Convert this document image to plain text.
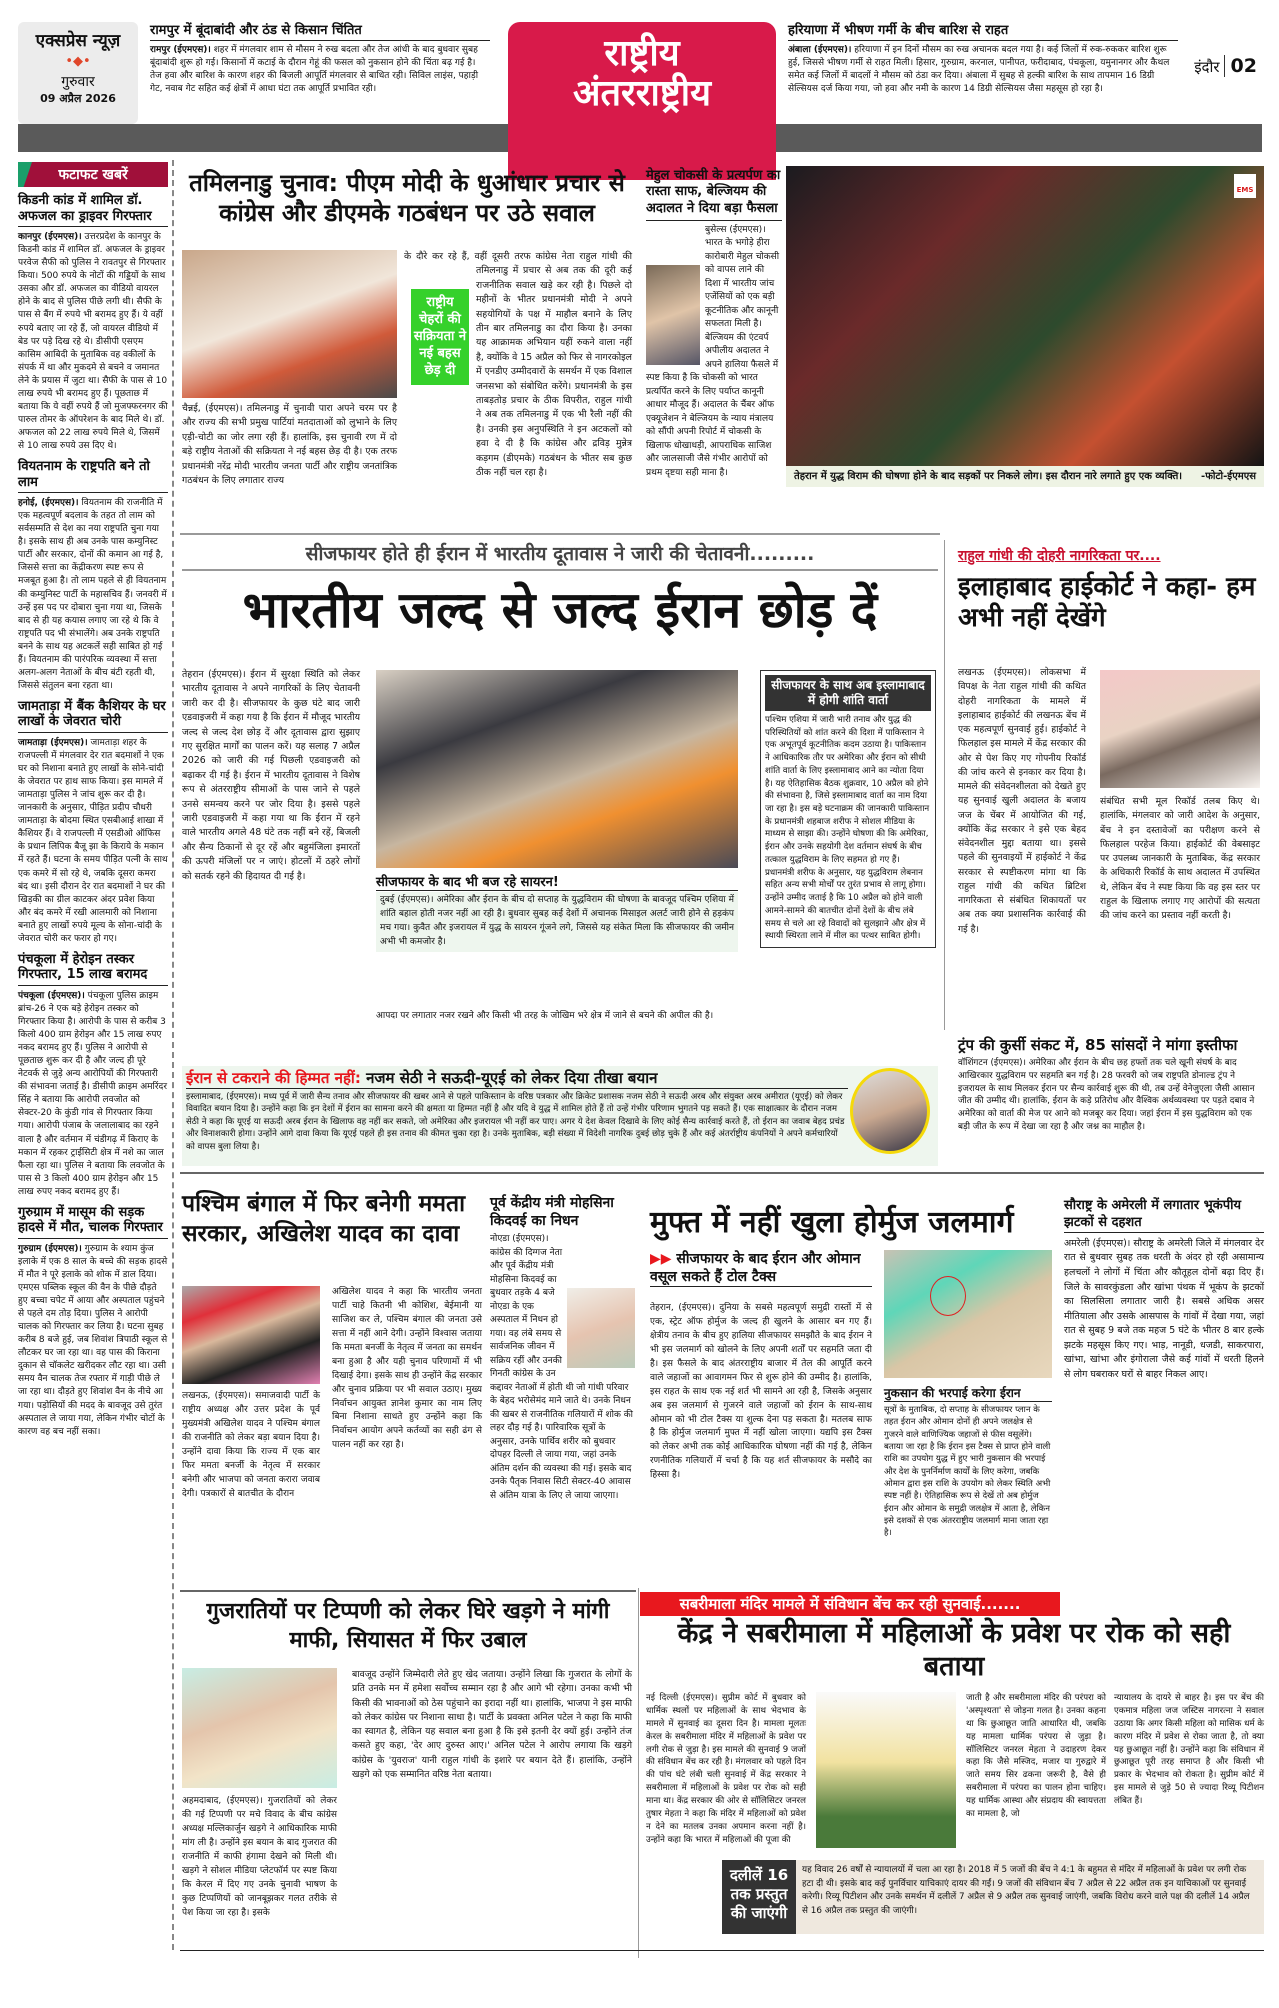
एक्सप्रेस न्यूज़
•◆•
गुरुवार
09 अप्रैल 2026
रामपुर में बूंदाबांदी और ठंड से किसान चिंतित

रामपुर (ईएमएस)। शहर में मंगलवार शाम से मौसम ने रुख बदला और तेज आंधी के बाद बुधवार सुबह बूंदाबांदी शुरू हो गई। किसानों में कटाई के दौरान गेहूं की फसल को नुकसान होने की चिंता बढ़ गई है। तेज हवा और बारिश के कारण शहर की बिजली आपूर्ति मंगलवार से बाधित रही। सिविल लाइंस, पहाड़ी गेट, नवाब गेट सहित कई क्षेत्रों में आधा घंटा तक आपूर्ति प्रभावित रही।

राष्ट्रीय
अंतरराष्ट्रीय
हरियाणा में भीषण गर्मी के बीच बारिश से राहत

अंबाला (ईएमएस)। हरियाणा में इन दिनों मौसम का रुख अचानक बदल गया है। कई जिलों में रुक-रुककर बारिश शुरू हुई, जिससे भीषण गर्मी से राहत मिली। हिसार, गुरुग्राम, करनाल, पानीपत, फरीदाबाद, पंचकूला, यमुनानगर और कैथल समेत कई जिलों में बादलों ने मौसम को ठंडा कर दिया। अंबाला में सुबह से हल्की बारिश के साथ तापमान 16 डिग्री सेल्सियस दर्ज किया गया, जो हवा और नमी के कारण 14 डिग्री सेल्सियस जैसा महसूस हो रहा है।

इंदौर 02
फटाफट खबरें
किडनी कांड में शामिल डॉ. अफजल का ड्राइवर गिरफ्तार

कानपुर (ईएमएस)। उत्तरप्रदेश के कानपुर के किडनी कांड में शामिल डॉ. अफजल के ड्राइवर परवेज सैफी को पुलिस ने रावतपुर से गिरफ्तार किया। 500 रुपये के नोटों की गड्डियों के साथ उसका और डॉ. अफजल का वीडियो वायरल होने के बाद से पुलिस पीछे लगी थी। सैफी के पास से बैंग में रुपये भी बरामद हुए हैं। ये वहीं रुपये बताए जा रहे हैं, जो वायरल वीडियो में बेड पर पड़े दिख रहे थे। डीसीपी एसएम कासिम आबिदी के मुताबिक वह वकीलों के संपर्क में था और मुकदमे से बचने व जमानत लेने के प्रयास में जुटा था। सैफी के पास से 10 लाख रुपये भी बरामद हुए हैं। पूछताछ में बताया कि ये वहीं रुपये हैं जो मुजफ्फरनगर की पारुल तोमर के ऑपरेशन के बाद मिले थे। डॉ. अफजल को 22 लाख रुपये मिले थे, जिसमें से 10 लाख रुपये उस दिए थे।

वियतनाम के राष्ट्रपति बने तो लाम

हनोई, (ईएमएस)। वियतनाम की राजनीति में एक महत्वपूर्ण बदलाव के तहत तो लाम को सर्वसम्मति से देश का नया राष्ट्रपति चुना गया है। इसके साथ ही अब उनके पास कम्युनिस्ट पार्टी और सरकार, दोनों की कमान आ गई है, जिससे सत्ता का केंद्रीकरण स्पष्ट रूप से मजबूत हुआ है। तो लाम पहले से ही वियतनाम की कम्युनिस्ट पार्टी के महासचिव हैं। जनवरी में उन्हें इस पद पर दोबारा चुना गया था, जिसके बाद से ही यह कयास लगाए जा रहे थे कि वे राष्ट्रपति पद भी संभालेंगे। अब उनके राष्ट्रपति बनने के साथ यह अटकलें सही साबित हो गई हैं। वियतनाम की पारंपरिक व्यवस्था में सत्ता अलग-अलग नेताओं के बीच बंटी रहती थी, जिससे संतुलन बना रहता था।

जामताड़ा में बैंक कैशियर के घर लाखों के जेवरात चोरी

जामताड़ा (ईएमएस)। जामताड़ा शहर के राजपल्ली में मंगलवार देर रात बदमाशों ने एक घर को निशाना बनाते हुए लाखों के सोने-चांदी के जेवरात पर हाथ साफ किया। इस मामले में जामताड़ा पुलिस ने जांच शुरू कर दी है। जानकारी के अनुसार, पीड़ित प्रदीप चौधरी जामताड़ा के बोदमा स्थित एसबीआई शाखा में कैशियर हैं। वे राजपल्ली में एसडीओ ऑफिस के प्रधान लिपिक बैजू झा के किराये के मकान में रहते हैं। घटना के समय पीड़ित पत्नी के साथ एक कमरे में सो रहे थे, जबकि दूसरा कमरा बंद था। इसी दौरान देर रात बदमाशों ने घर की खिड़की का ग्रील काटकर अंदर प्रवेश किया और बंद कमरे में रखी आलमारी को निशाना बनाते हुए लाखों रुपये मूल्य के सोना-चांदी के जेवरात चोरी कर फरार हो गए।

पंचकूला में हेरोइन तस्कर गिरफ्तार, 15 लाख बरामद

पंचकूला (ईएमएस)। पंचकूला पुलिस क्राइम ब्रांच-26 ने एक बड़े हेरोइन तस्कर को गिरफ्तार किया है। आरोपी के पास से करीब 3 किलो 400 ग्राम हेरोइन और 15 लाख रुपए नकद बरामद हुए हैं। पुलिस ने आरोपी से पूछताछ शुरू कर दी है और जल्द ही पूरे नेटवर्क से जुड़े अन्य आरोपियों की गिरफ्तारी की संभावना जताई है। डीसीपी क्राइम अमरिंदर सिंह ने बताया कि आरोपी लवजोत को सेक्टर-20 के कुंडी गांव से गिरफ्तार किया गया। आरोपी पंजाब के जलालाबाद का रहने वाला है और वर्तमान में चंडीगढ़ में किराए के मकान में रहकर ट्राईसिटी क्षेत्र में नशे का जाल फैला रहा था। पुलिस ने बताया कि लवजोत के पास से 3 किलो 400 ग्राम हेरोइन और 15 लाख रुपए नकद बरामद हुए हैं।

गुरुग्राम में मासूम की सड़क हादसे में मौत, चालक गिरफ्तार

गुरुग्राम (ईएमएस)। गुरुग्राम के श्याम कुंज इलाके में एक 8 साल के बच्चे की सड़क हादसे में मौत ने पूरे इलाके को शोक में डाल दिया। एमएस पब्लिक स्कूल की वैन के पीछे दौड़ते हुए बच्चा चपेट में आया और अस्पताल पहुंचने से पहले दम तोड़ दिया। पुलिस ने आरोपी चालक को गिरफ्तार कर लिया है। घटना सुबह करीब 8 बजे हुई, जब शिवांश त्रिपाठी स्कूल से लौटकर घर जा रहा था। वह पास की किराना दुकान से चॉकलेट खरीदकर लौट रहा था। उसी समय वैन चालक तेज रफ्तार में गाड़ी पीछे ले जा रहा था। दौड़ते हुए शिवांश वैन के नीचे आ गया। पड़ोसियों की मदद के बावजूद उसे तुरंत अस्पताल ले जाया गया, लेकिन गंभीर चोटों के कारण वह बच नहीं सका।

तमिलनाडु चुनाव: पीएम मोदी के धुआंधार प्रचार से कांग्रेस और डीएमके गठबंधन पर उठे सवाल
चैन्नई, (ईएमएस)। तमिलनाडु में चुनावी पारा अपने चरम पर है और राज्य की सभी प्रमुख पार्टियां मतदाताओं को लुभाने के लिए एड़ी-चोटी का जोर लगा रही हैं। हालांकि, इस चुनावी रण में दो बड़े राष्ट्रीय नेताओं की सक्रियता ने नई बहस छेड़ दी है। एक तरफ प्रधानमंत्री नरेंद्र मोदी भारतीय जनता पार्टी और राष्ट्रीय जनतांत्रिक गठबंधन के लिए लगातार राज्य
राष्ट्रीय चेहरों की सक्रियता ने नई बहस छेड़ दी
के दौरे कर रहे हैं, वहीं दूसरी तरफ कांग्रेस नेता राहुल गांधी की तमिलनाडु में प्रचार से अब तक की दूरी कई राजनीतिक सवाल खड़े कर रही है। पिछले दो महीनों के भीतर प्रधानमंत्री मोदी ने अपने सहयोगियों के पक्ष में माहौल बनाने के लिए तीन बार तमिलनाडु का दौरा किया है। उनका यह आक्रामक अभियान यहीं रुकने वाला नहीं है, क्योंकि वे 15 अप्रैल को फिर से नागरकोइल में एनडीए उम्मीदवारों के समर्थन में एक विशाल जनसभा को संबोधित करेंगे। प्रधानमंत्री के इस ताबड़तोड़ प्रचार के ठीक विपरीत, राहुल गांधी ने अब तक तमिलनाडु में एक भी रैली नहीं की है। उनकी इस अनुपस्थिति ने इन अटकलों को हवा दे दी है कि कांग्रेस और द्रविड़ मुन्नेत्र कड़गम (डीएमके) गठबंधन के भीतर सब कुछ ठीक नहीं चल रहा है।
मेहुल चोकसी के प्रत्यर्पण का रास्ता साफ, बेल्जियम की अदालत ने दिया बड़ा फैसला
बुसेल्स (ईएमएस)। भारत के भगोड़े हीरा कारोबारी मेहुल चोकसी को वापस लाने की दिशा में भारतीय जांच एजेंसियों को एक बड़ी कूटनीतिक और कानूनी सफलता मिली है। बेल्जियम की एंटवर्प अपीलीय अदालत ने अपने हालिया फैसले में स्पष्ट किया है कि चोकसी को भारत प्रत्यर्पित करने के लिए पर्याप्त कानूनी आधार मौजूद हैं। अदालत के चैंबर ऑफ एक्यूजेशन ने बेल्जियम के न्याय मंत्रालय को सौंपी अपनी रिपोर्ट में चोकसी के खिलाफ धोखाधड़ी, आपराधिक साजिश और जालसाजी जैसे गंभीर आरोपों को प्रथम दृष्टया सही माना है।
EMS
तेहरान में युद्ध विराम की घोषणा होने के बाद सड़कों पर निकले लोग। इस दौरान नारे लगाते हुए एक व्यक्ति। -फोटो-ईएमएस
सीजफायर होते ही ईरान में भारतीय दूतावास ने जारी की चेतावनी.........
भारतीय जल्द से जल्द ईरान छोड़ दें
तेहरान (ईएमएस)। ईरान में सुरक्षा स्थिति को लेकर भारतीय दूतावास ने अपने नागरिकों के लिए चेतावनी जारी कर दी है। सीजफायर के कुछ घंटे बाद जारी एडवाइजरी में कहा गया है कि ईरान में मौजूद भारतीय जल्द से जल्द देश छोड़ दें और दूतावास द्वारा सुझाए गए सुरक्षित मार्गों का पालन करें। यह सलाह 7 अप्रैल 2026 को जारी की गई पिछली एडवाइजरी को बढ़ाकर दी गई है। ईरान में भारतीय दूतावास ने विशेष रूप से अंतरराष्ट्रीय सीमाओं के पास जाने से पहले उनसे समन्वय करने पर जोर दिया है। इससे पहले जारी एडवाइजरी में कहा गया था कि ईरान में रहने वाले भारतीय अगले 48 घंटे तक नहीं बने रहें, बिजली और सैन्य ठिकानों से दूर रहें और बहुमंजिला इमारतों की ऊपरी मंजिलों पर न जाएं। होटलों में ठहरे लोगों को सतर्क रहने की हिदायत दी गई है।	सीजफायर के बाद भी बज रहे सायरन!
दुबई (ईएमएस)। अमेरिका और ईरान के बीच दो सप्ताह के युद्धविराम की घोषणा के बावजूद पश्चिम एशिया में शांति बहाल होती नजर नहीं आ रही है। बुधवार सुबह कई देशों में अचानक मिसाइल अलर्ट जारी होने से हड़कंप मच गया। कुवैत और इजरायल में युद्ध के सायरन गूंजने लगे, जिससे यह संकेत मिला कि सीजफायर की जमीन अभी भी कमजोर है।
आपदा पर लगातार नजर रखने और किसी भी तरह के जोखिम भरे क्षेत्र में जाने से बचने की अपील की है।
सीजफायर के साथ अब इस्लामाबाद में होगी शांति वार्ता
पश्चिम एशिया में जारी भारी तनाव और युद्ध की परिस्थितियों को शांत करने की दिशा में पाकिस्तान ने एक अभूतपूर्व कूटनीतिक कदम उठाया है। पाकिस्तान ने आधिकारिक तौर पर अमेरिका और ईरान को सीधी शांति वार्ता के लिए इस्लामाबाद आने का न्योता दिया है। यह ऐतिहासिक बैठक शुक्रवार, 10 अप्रैल को होने की संभावना है, जिसे इस्लामाबाद वार्ता का नाम दिया जा रहा है। इस बड़े घटनाक्रम की जानकारी पाकिस्तान के प्रधानमंत्री शहबाज शरीफ ने सोशल मीडिया के माध्यम से साझा की। उन्होंने घोषणा की कि अमेरिका, ईरान और उनके सहयोगी देश वर्तमान संघर्ष के बीच तत्काल युद्धविराम के लिए सहमत हो गए हैं। प्रधानमंत्री शरीफ के अनुसार, यह युद्धविराम लेबनान सहित अन्य सभी मोर्चों पर तुरंत प्रभाव से लागू होगा। उन्होंने उम्मीद जताई है कि 10 अप्रैल को होने वाली आमने-सामने की बातचीत दोनों देशों के बीच लंबे समय से चले आ रहे विवादों को सुलझाने और क्षेत्र में स्थायी स्थिरता लाने में मील का पत्थर साबित होगी।
राहुल गांधी की दोहरी नागरिकता पर....
इलाहाबाद हाईकोर्ट ने कहा- हम अभी नहीं देखेंगे
लखनऊ (ईएमएस)। लोकसभा में विपक्ष के नेता राहुल गांधी की कथित दोहरी नागरिकता के मामले में इलाहाबाद हाईकोर्ट की लखनऊ बेंच में एक महत्वपूर्ण सुनवाई हुई। हाईकोर्ट ने फिलहाल इस मामले में केंद्र सरकार की ओर से पेश किए गए गोपनीय रिकॉर्ड की जांच करने से इनकार कर दिया है। मामले की संवेदनशीलता को देखते हुए यह सुनवाई खुली अदालत के बजाय जज के चेंबर में आयोजित की गई, क्योंकि केंद्र सरकार ने इसे एक बेहद संवेदनशील मुद्दा बताया था। इससे पहले की सुनवाइयों में हाईकोर्ट ने केंद्र सरकार से स्पष्टीकरण मांगा था कि राहुल गांधी की कथित ब्रिटिश नागरिकता से संबंधित शिकायतों पर अब तक क्या प्रशासनिक कार्रवाई की गई है।
संबंधित सभी मूल रिकॉर्ड तलब किए थे। हालांकि, मंगलवार को जारी आदेश के अनुसार, बेंच ने इन दस्तावेजों का परीक्षण करने से फिलहाल परहेज किया। हाईकोर्ट की वेबसाइट पर उपलब्ध जानकारी के मुताबिक, केंद्र सरकार के अधिकारी रिकॉर्ड के साथ अदालत में उपस्थित थे, लेकिन बेंच ने स्पष्ट किया कि वह इस स्तर पर राहुल के खिलाफ लगाए गए आरोपों की सत्यता की जांच करने का प्रस्ताव नहीं करती है।
ट्रंप की कुर्सी संकट में, 85 सांसदों ने मांगा इस्तीफा
वॉशिंगटन (ईएमएस)। अमेरिका और ईरान के बीच छह हफ्तों तक चले खूनी संघर्ष के बाद आखिरकार युद्धविराम पर सहमति बन गई है। 28 फरवरी को जब राष्ट्रपति डोनाल्ड ट्रंप ने इजरायल के साथ मिलकर ईरान पर सैन्य कार्रवाई शुरू की थी, तब उन्हें वेनेजुएला जैसी आसान जीत की उम्मीद थी। हालांकि, ईरान के कड़े प्रतिरोध और वैश्विक अर्थव्यवस्था पर पड़ते दबाव ने अमेरिका को वार्ता की मेज पर आने को मजबूर कर दिया। जहां ईरान में इस युद्धविराम को एक बड़ी जीत के रूप में देखा जा रहा है और जश्न का माहौल है।
ईरान से टकराने की हिम्मत नहीं: नजम सेठी ने सऊदी-यूएई को लेकर दिया तीखा बयान
इस्लामाबाद, (ईएमएस)। मध्य पूर्व में जारी सैन्य तनाव और सीजफायर की खबर आने से पहले पाकिस्तान के वरिष्ठ पत्रकार और क्रिकेट प्रशासक नजम सेठी ने सऊदी अरब और संयुक्त अरब अमीरात (यूएई) को लेकर विवादित बयान दिया है। उन्होंने कहा कि इन देशों में ईरान का सामना करने की क्षमता या हिम्मत नहीं है और यदि वे युद्ध में शामिल होते हैं तो उन्हें गंभीर परिणाम भुगतने पड़ सकते हैं। एक साक्षात्कार के दौरान नजम सेठी ने कहा कि यूएई या सऊदी अरब ईरान के खिलाफ वह नहीं कर सकते, जो अमेरिका और इजरायल भी नहीं कर पाए। अगर ये देश केवल दिखावे के लिए कोई सैन्य कार्रवाई करते हैं, तो ईरान का जवाब बेहद प्रचंड और विनाशकारी होगा। उन्होंने आगे दावा किया कि यूएई पहले ही इस तनाव की कीमत चुका रहा है। उनके मुताबिक, बड़ी संख्या में विदेशी नागरिक दुबई छोड़ चुके हैं और कई अंतर्राष्ट्रीय कंपनियों ने अपने कर्मचारियों को वापस बुला लिया है।
पश्चिम बंगाल में फिर बनेगी ममता सरकार, अखिलेश यादव का दावा
लखनऊ, (ईएमएस)। समाजवादी पार्टी के राष्ट्रीय अध्यक्ष और उत्तर प्रदेश के पूर्व मुख्यमंत्री अखिलेश यादव ने पश्चिम बंगाल की राजनीति को लेकर बड़ा बयान दिया है। उन्होंने दावा किया कि राज्य में एक बार फिर ममता बनर्जी के नेतृत्व में सरकार बनेगी और भाजपा को जनता करारा जवाब देगी। पत्रकारों से बातचीत के दौरान
अखिलेश यादव ने कहा कि भारतीय जनता पार्टी चाहे कितनी भी कोशिश, बेईमानी या साजिश कर ले, पश्चिम बंगाल की जनता उसे सत्ता में नहीं आने देगी। उन्होंने विश्वास जताया कि ममता बनर्जी के नेतृत्व में जनता का समर्थन बना हुआ है और यही चुनाव परिणामों में भी दिखाई देगा। इसके साथ ही उन्होंने केंद्र सरकार और चुनाव प्रक्रिया पर भी सवाल उठाए। मुख्य निर्वाचन आयुक्त ज्ञानेश कुमार का नाम लिए बिना निशाना साधते हुए उन्होंने कहा कि निर्वाचन आयोग अपने कर्तव्यों का सही ढंग से पालन नहीं कर रहा है।
पूर्व केंद्रीय मंत्री मोहसिना किदवई का निधन
नोएडा (ईएमएस)। कांग्रेस की दिग्गज नेता और पूर्व केंद्रीय मंत्री मोहसिना किदवई का बुधवार तड़के 4 बजे नोएडा के एक अस्पताल में निधन हो गया। वह लंबे समय से सार्वजनिक जीवन में सक्रिय रहीं और उनकी गिनती कांग्रेस के उन कद्दावर नेताओं में होती थी जो गांधी परिवार के बेहद भरोसेमंद माने जाते थे। उनके निधन की खबर से राजनीतिक गलियारों में शोक की लहर दौड़ गई है। पारिवारिक सूत्रों के अनुसार, उनके पार्थिव शरीर को बुधवार दोपहर दिल्ली ले जाया गया, जहां उनके अंतिम दर्शन की व्यवस्था की गई। इसके बाद उनके पैतृक निवास सिटी सेक्टर-40 आवास से अंतिम यात्रा के लिए ले जाया जाएगा।
मुफ्त में नहीं खुला होर्मुज जलमार्ग
▶▶ सीजफायर के बाद ईरान और ओमान वसूल सकते हैं टोल टैक्स
तेहरान, (ईएमएस)। दुनिया के सबसे महत्वपूर्ण समुद्री रास्तों में से एक, स्ट्रेट ऑफ होर्मुज के जल्द ही खुलने के आसार बन गए हैं। क्षेत्रीय तनाव के बीच हुए हालिया सीजफायर समझौते के बाद ईरान ने भी इस जलमार्ग को खोलने के लिए अपनी शर्तों पर सहमति जता दी है। इस फैसले के बाद अंतरराष्ट्रीय बाजार में तेल की आपूर्ति करने वाले जहाजों का आवागमन फिर से शुरू होने की उम्मीद है। हालांकि, इस राहत के साथ एक नई शर्त भी सामने आ रही है, जिसके अनुसार अब इस जलमार्ग से गुजरने वाले जहाजों को ईरान के साथ-साथ ओमान को भी टोल टैक्स या शुल्क देना पड़ सकता है। मतलब साफ है कि होर्मुज जलमार्ग मुफ्त में नहीं खोला जाएगा। यद्यपि इस टैक्स को लेकर अभी तक कोई आधिकारिक घोषणा नहीं की गई है, लेकिन रणनीतिक गलियारों में चर्चा है कि यह शर्त सीजफायर के मसौदे का हिस्सा है।
नुकसान की भरपाई करेगा ईरान
सूत्रों के मुताबिक, दो सप्ताह के सीजफायर प्लान के तहत ईरान और ओमान दोनों ही अपने जलक्षेत्र से गुजरने वाले वाणिज्यिक जहाजों से फीस वसूलेंगे। बताया जा रहा है कि ईरान इस टैक्स से प्राप्त होने वाली राशि का उपयोग युद्ध में हुए भारी नुकसान की भरपाई और देश के पुनर्निर्माण कार्यों के लिए करेगा, जबकि ओमान द्वारा इस राशि के उपयोग को लेकर स्थिति अभी स्पष्ट नहीं है। ऐतिहासिक रूप से देखें तो अब होर्मुज ईरान और ओमान के समुद्री जलक्षेत्र में आता है, लेकिन इसे दशकों से एक अंतरराष्ट्रीय जलमार्ग माना जाता रहा है।
सौराष्ट्र के अमेरली में लगातार भूकंपीय झटकों से दहशत
अमरेली (ईएमएस)। सौराष्ट्र के अमरेली जिले में मंगलवार देर रात से बुधवार सुबह तक धरती के अंदर हो रही असामान्य हलचलों ने लोगों में चिंता और कौतूहल दोनों बढ़ा दिए हैं। जिले के सावरकुंडला और खांभा पंथक में भूकंप के झटकों का सिलसिला लगातार जारी है। सबसे अधिक असर मीतियाला और उसके आसपास के गांवों में देखा गया, जहां रात से सुबह 9 बजे तक महज 5 घंटे के भीतर 8 बार हल्के झटके महसूस किए गए। भाड़, नानूडी, धजडी, साकरपारा, खांभा, खांभा और इंगोराला जैसे कई गांवों में धरती हिलने से लोग घबराकर घरों से बाहर निकल आए।
गुजरातियों पर टिप्पणी को लेकर घिरे खड़गे ने मांगी माफी, सियासत में फिर उबाल
अहमदाबाद, (ईएमएस)। गुजरातियों को लेकर की गई टिप्पणी पर मचे विवाद के बीच कांग्रेस अध्यक्ष मल्लिकार्जुन खड़गे ने आधिकारिक माफी मांग ली है। उन्होंने इस बयान के बाद गुजरात की राजनीति में काफी हंगामा देखने को मिली थी। खड़गे ने सोशल मीडिया प्लेटफॉर्म पर स्पष्ट किया कि केरल में दिए गए उनके चुनावी भाषण के कुछ टिप्पणियों को जानबूझकर गलत तरीके से पेश किया जा रहा है। इसके
बावजूद उन्होंने जिम्मेदारी लेते हुए खेद जताया। उन्होंने लिखा कि गुजरात के लोगों के प्रति उनके मन में हमेशा सर्वोच्च सम्मान रहा है और आगे भी रहेगा। उनका कभी भी किसी की भावनाओं को ठेस पहुंचाने का इरादा नहीं था। हालांकि, भाजपा ने इस माफी को लेकर कांग्रेस पर निशाना साधा है। पार्टी के प्रवक्ता अनिल पटेल ने कहा कि माफी का स्वागत है, लेकिन यह सवाल बना हुआ है कि इसे इतनी देर क्यों हुई। उन्होंने तंज कसते हुए कहा, 'देर आए दुरुस्त आए।' अनिल पटेल ने आरोप लगाया कि खड़गे कांग्रेस के 'युवराज' यानी राहुल गांधी के इशारे पर बयान देते हैं। हालांकि, उन्होंने खड़गे को एक सम्मानित वरिष्ठ नेता बताया।
सबरीमाला मंदिर मामले में संविधान बेंच कर रही सुनवाई.......
केंद्र ने सबरीमाला में महिलाओं के प्रवेश पर रोक को सही बताया
नई दिल्ली (ईएमएस)। सुप्रीम कोर्ट में बुधवार को धार्मिक स्थलों पर महिलाओं के साथ भेदभाव के मामले में सुनवाई का दूसरा दिन है। मामला मूलतः केरल के सबरीमाला मंदिर में महिलाओं के प्रवेश पर लगी रोक से जुड़ा है। इस मामले की सुनवाई 9 जजों की संविधान बेंच कर रही है। मंगलवार को पहले दिन की पांच घंटे लंबी चली सुनवाई में केंद्र सरकार ने सबरीमाला में महिलाओं के प्रवेश पर रोक को सही माना था। केंद्र सरकार की ओर से सॉलिसिटर जनरल तुषार मेहता ने कहा कि मंदिर में महिलाओं को प्रवेश न देने का मतलब उनका अपमान करना नहीं है। उन्होंने कहा कि भारत में महिलाओं की पूजा की
जाती है और सबरीमाला मंदिर की परंपरा को 'अस्पृश्यता' से जोड़ना गलत है। उनका कहना था कि छुआछूत जाति आधारित थी, जबकि यह मामला धार्मिक परंपरा से जुड़ा है। सॉलिसिटर जनरल मेहता ने उदाहरण देकर कहा कि जैसे मस्जिद, मजार या गुरुद्वारे में जाते समय सिर ढकना जरूरी है, वैसे ही सबरीमाला में परंपरा का पालन होना चाहिए। यह धार्मिक आस्था और संप्रदाय की स्वायत्तता का मामला है, जो
न्यायालय के दायरे से बाहर है। इस पर बेंच की एकमात्र महिला जज जस्टिस नागरत्ना ने सवाल उठाया कि अगर किसी महिला को मासिक धर्म के कारण मंदिर में प्रवेश से रोका जाता है, तो क्या यह छुआछूत नहीं है। उन्होंने कहा कि संविधान में छुआछूत पूरी तरह समाप्त है और किसी भी प्रकार के भेदभाव को रोकता है। सुप्रीम कोर्ट में इस मामले से जुड़े 50 से ज्यादा रिव्यू पिटीशन लंबित हैं।
यह विवाद 26 वर्षों से न्यायालयों में चला आ रहा है। 2018 में 5 जजों की बेंच ने 4:1 के बहुमत से मंदिर में महिलाओं के प्रवेश पर लगी रोक हटा दी थी। इसके बाद कई पुनर्विचार याचिकाएं दायर की गईं। 9 जजों की संविधान बेंच 7 अप्रैल से 22 अप्रैल तक इन याचिकाओं पर सुनवाई करेगी। रिव्यू पिटीशन और उनके समर्थन में दलीलें 7 अप्रैल से 9 अप्रैल तक सुनवाई जाएंगी, जबकि विरोध करने वाले पक्ष की दलीलें 14 अप्रैल से 16 अप्रैल तक प्रस्तुत की जाएंगी।
दलीलें 16 तक प्रस्तुत की जाएंगी
